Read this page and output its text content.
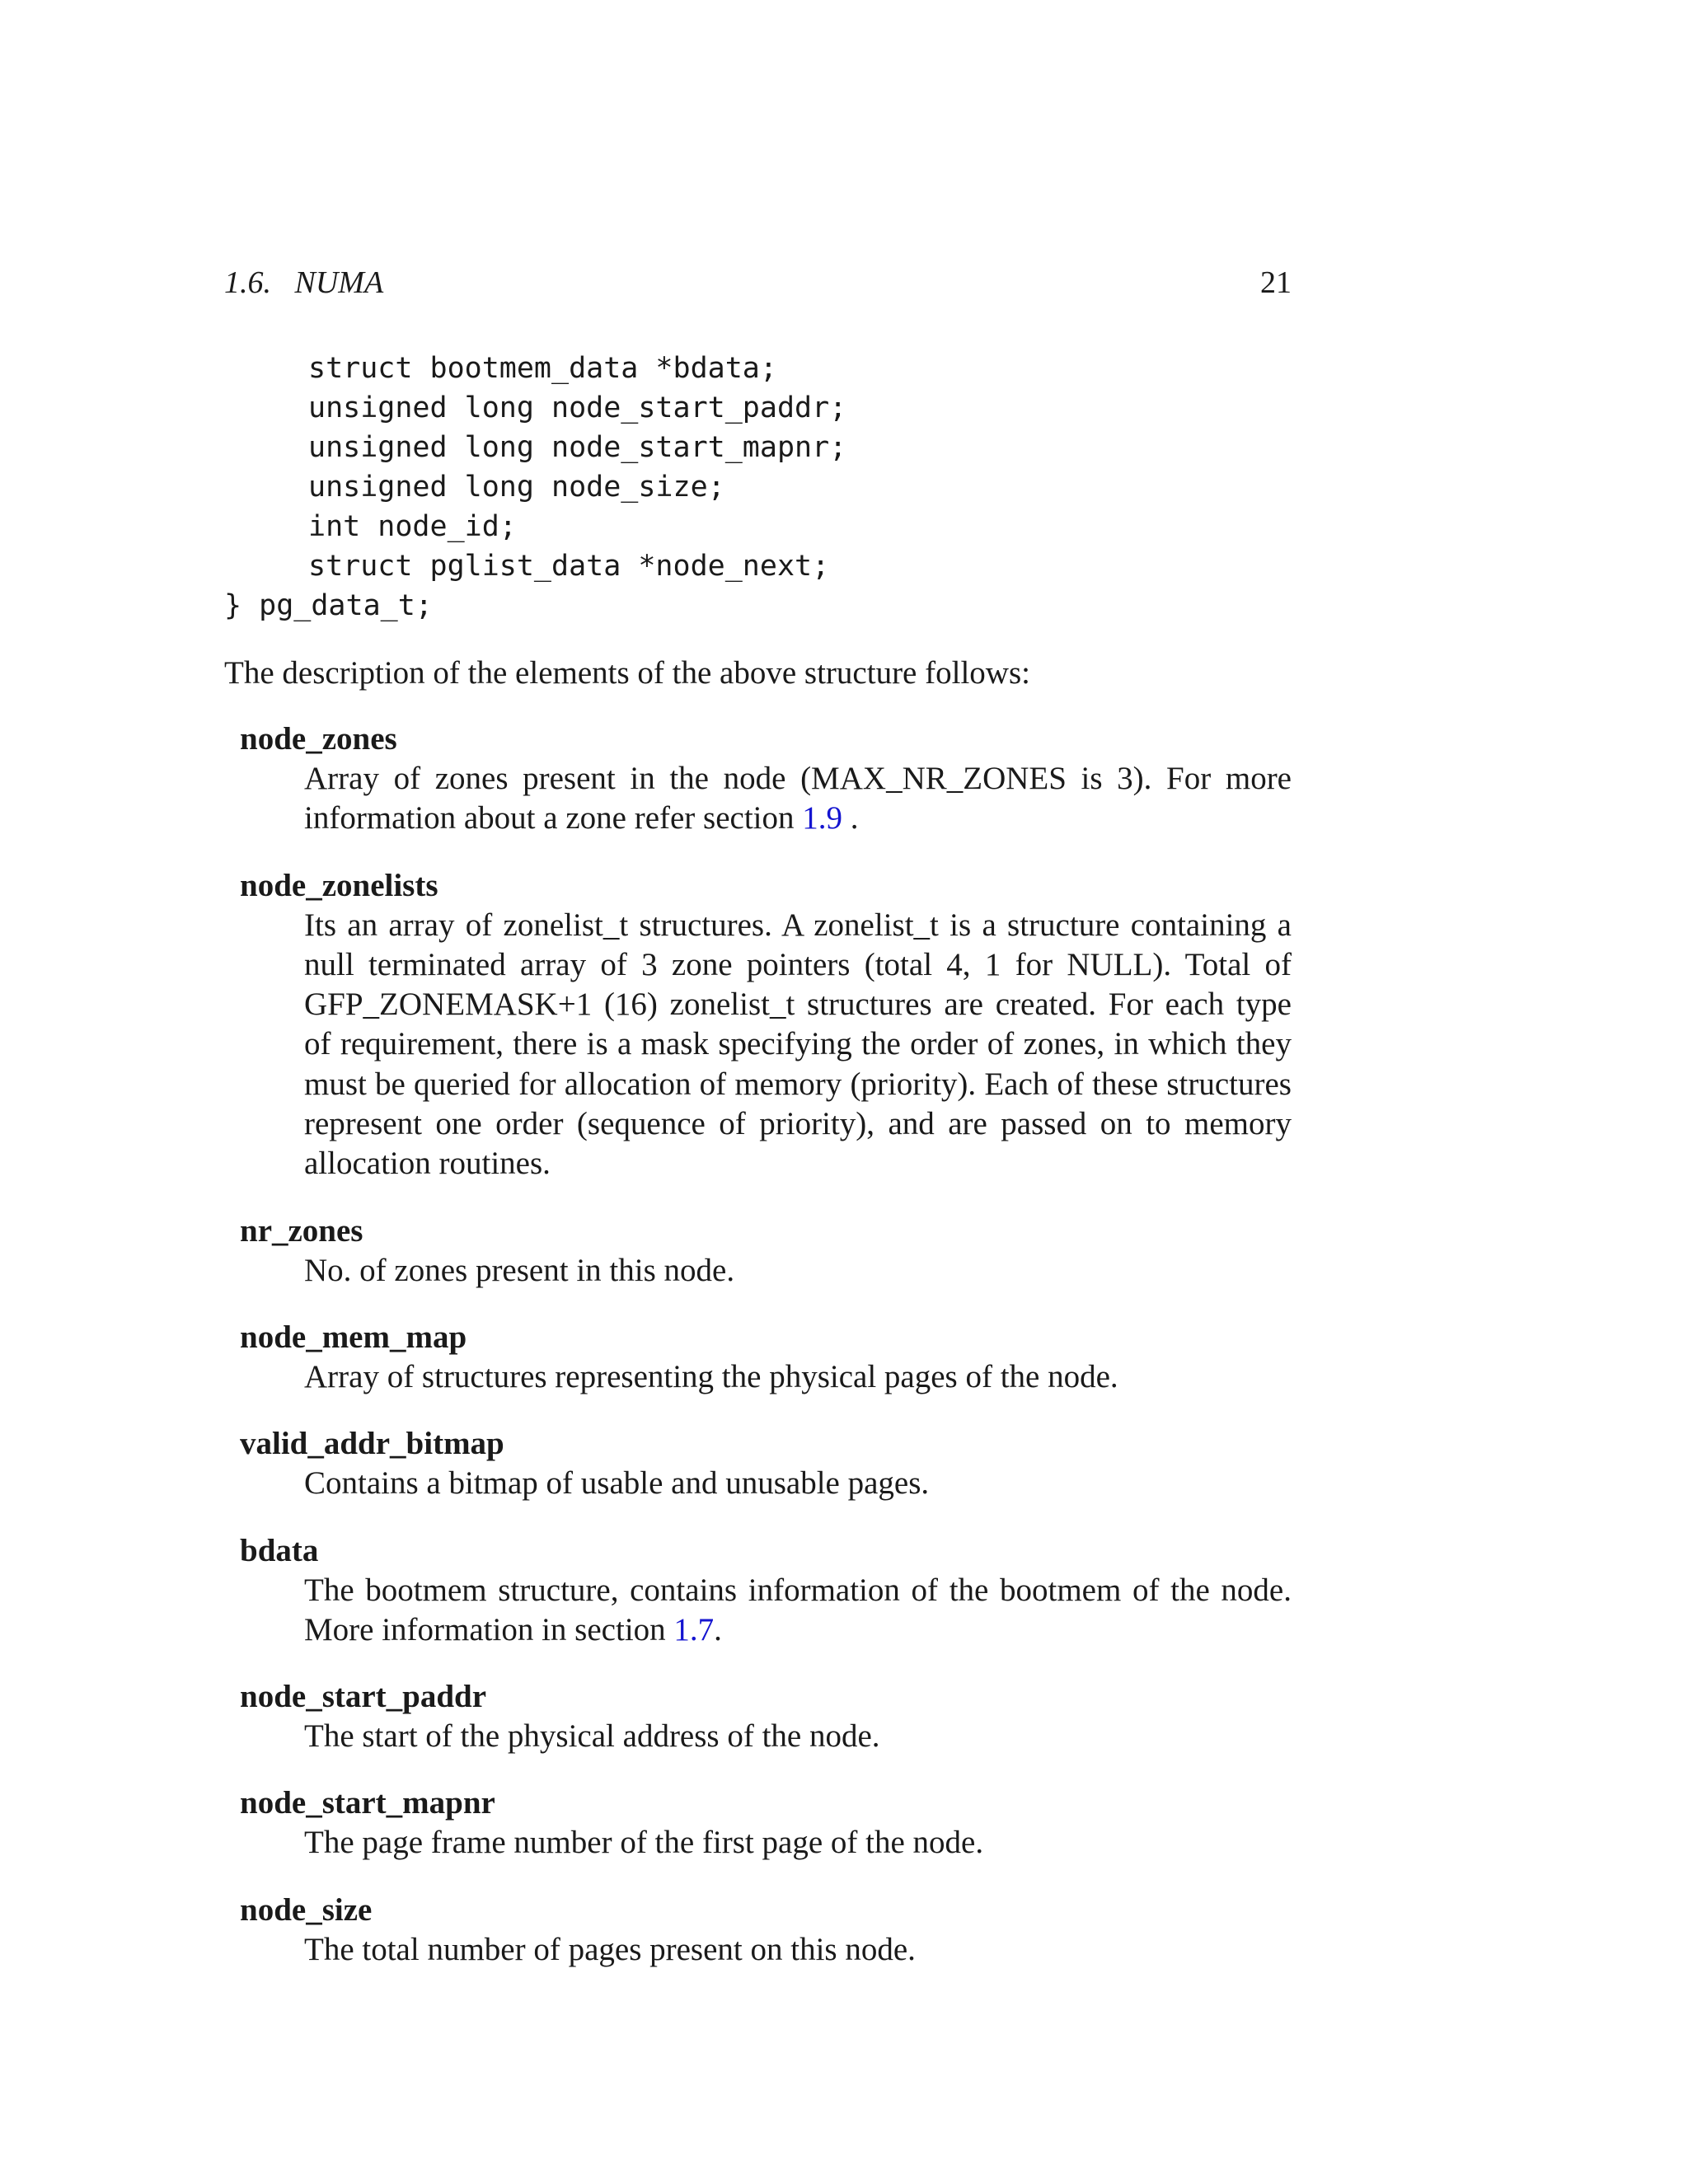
1.6.   NUMA	21
struct bootmem_data *bdata;
unsigned long node_start_paddr;
unsigned long node_start_mapnr;
unsigned long node_size;
int node_id;
struct pglist_data *node_next;
} pg_data_t;
The description of the elements of the above structure follows:
node_zones
Array of zones present in the node (MAX_NR_ZONES is 3). For more information about a zone refer section 1.9 .
node_zonelists
Its an array of zonelist_t structures. A zonelist_t is a structure containing a null terminated array of 3 zone pointers (total 4, 1 for NULL). Total of GFP_ZONEMASK+1 (16) zonelist_t structures are created. For each type of requirement, there is a mask specifying the order of zones, in which they must be queried for allocation of memory (priority). Each of these structures represent one order (sequence of priority), and are passed on to memory allocation routines.
nr_zones
No. of zones present in this node.
node_mem_map
Array of structures representing the physical pages of the node.
valid_addr_bitmap
Contains a bitmap of usable and unusable pages.
bdata
The bootmem structure, contains information of the bootmem of the node. More information in section 1.7.
node_start_paddr
The start of the physical address of the node.
node_start_mapnr
The page frame number of the first page of the node.
node_size
The total number of pages present on this node.
